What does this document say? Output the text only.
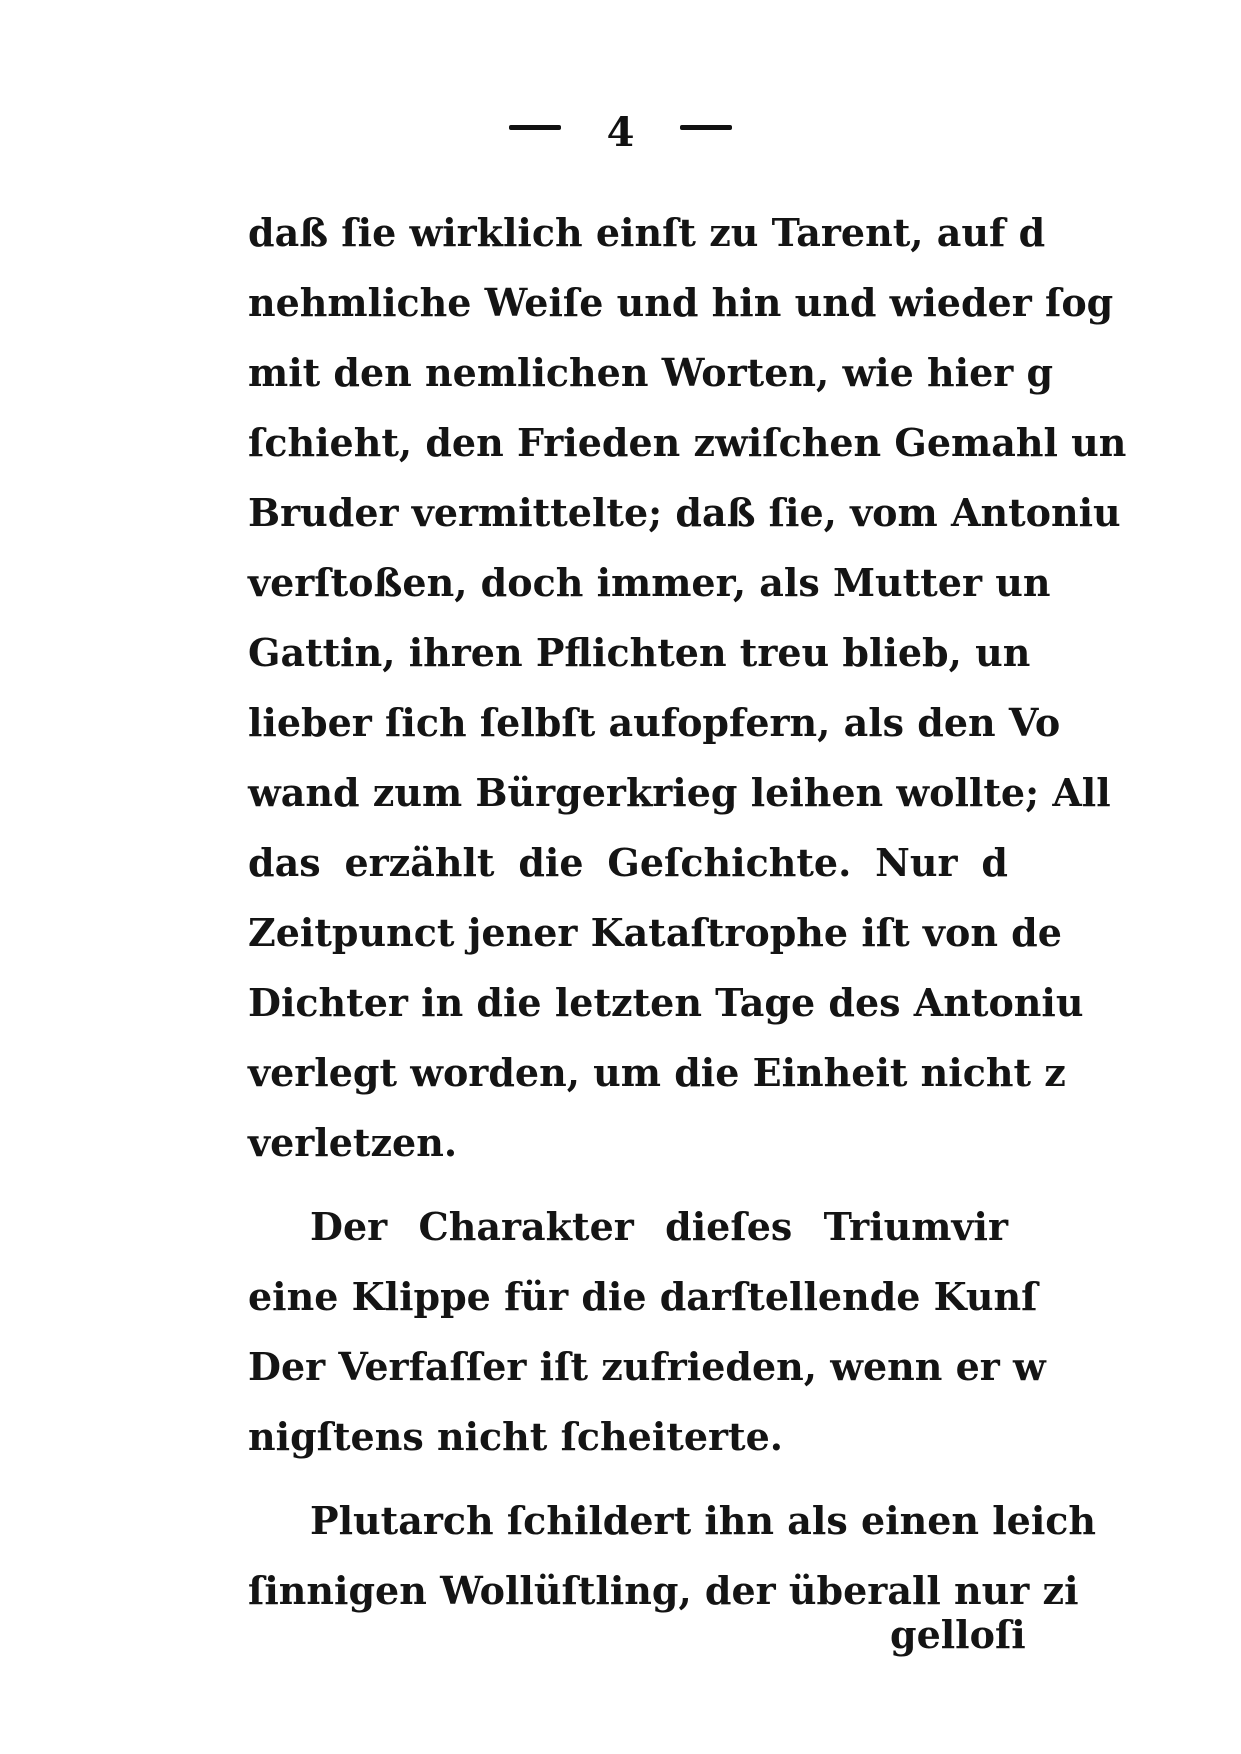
4
daß ſie wirklich einſt zu Tarent, auf d
nehmliche Weiſe und hin und wieder ſog
mit den nemlichen Worten, wie hier g
ſchieht, den Frieden zwiſchen Gemahl un
Bruder vermittelte; daß ſie, vom Antoniu
verſtoßen, doch immer, als Mutter un
Gattin, ihren Pflichten treu blieb, un
lieber ſich ſelbſt aufopfern, als den Vo
wand zum Bürgerkrieg leihen wollte; All
das erzählt die Geſchichte. Nur d
Zeitpunct jener Kataſtrophe iſt von de
Dichter in die letzten Tage des Antoniu
verlegt worden, um die Einheit nicht z
verletzen.
Der Charakter dieſes Triumvir
eine Klippe für die darſtellende Kunſ
Der Verfaſſer iſt zufrieden, wenn er w
nigſtens nicht ſcheiterte.
Plutarch ſchildert ihn als einen leich
ſinnigen Wollüſtling, der überall nur zi
gelloſi
